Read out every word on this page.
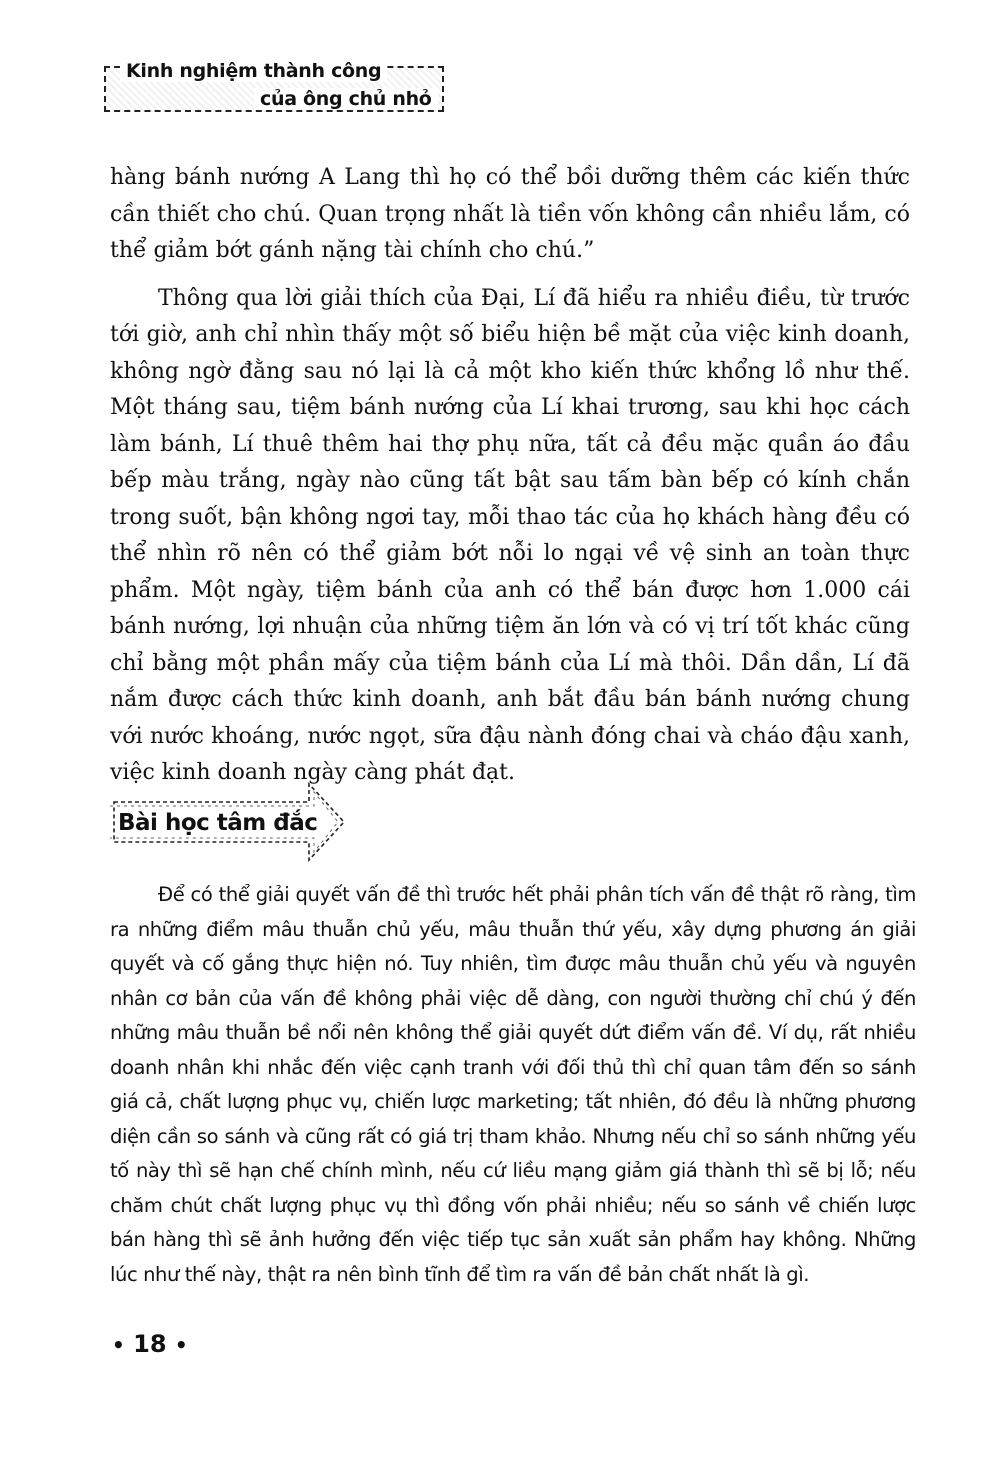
Kinh nghiệm thành công
của ông chủ nhỏ

hàng bánh nướng A Lang thì họ có thể bồi dưỡng thêm các kiến thức cần thiết cho chú. Quan trọng nhất là tiền vốn không cần nhiều lắm, có thể giảm bớt gánh nặng tài chính cho chú.”

Thông qua lời giải thích của Đại, Lí đã hiểu ra nhiều điều, từ trước tới giờ, anh chỉ nhìn thấy một số biểu hiện bề mặt của việc kinh doanh, không ngờ đằng sau nó lại là cả một kho kiến thức khổng lồ như thế. Một tháng sau, tiệm bánh nướng của Lí khai trương, sau khi học cách làm bánh, Lí thuê thêm hai thợ phụ nữa, tất cả đều mặc quần áo đầu bếp màu trắng, ngày nào cũng tất bật sau tấm bàn bếp có kính chắn trong suốt, bận không ngơi tay, mỗi thao tác của họ khách hàng đều có thể nhìn rõ nên có thể giảm bớt nỗi lo ngại về vệ sinh an toàn thực phẩm. Một ngày, tiệm bánh của anh có thể bán được hơn 1.000 cái bánh nướng, lợi nhuận của những tiệm ăn lớn và có vị trí tốt khác cũng chỉ bằng một phần mấy của tiệm bánh của Lí mà thôi. Dần dần, Lí đã nắm được cách thức kinh doanh, anh bắt đầu bán bánh nướng chung với nước khoáng, nước ngọt, sữa đậu nành đóng chai và cháo đậu xanh, việc kinh doanh ngày càng phát đạt.

Bài học tâm đắc

Để có thể giải quyết vấn đề thì trước hết phải phân tích vấn đề thật rõ ràng, tìm ra những điểm mâu thuẫn chủ yếu, mâu thuẫn thứ yếu, xây dựng phương án giải quyết và cố gắng thực hiện nó. Tuy nhiên, tìm được mâu thuẫn chủ yếu và nguyên nhân cơ bản của vấn đề không phải việc dễ dàng, con người thường chỉ chú ý đến những mâu thuẫn bề nổi nên không thể giải quyết dứt điểm vấn đề. Ví dụ, rất nhiều doanh nhân khi nhắc đến việc cạnh tranh với đối thủ thì chỉ quan tâm đến so sánh giá cả, chất lượng phục vụ, chiến lược marketing; tất nhiên, đó đều là những phương diện cần so sánh và cũng rất có giá trị tham khảo. Nhưng nếu chỉ so sánh những yếu tố này thì sẽ hạn chế chính mình, nếu cứ liều mạng giảm giá thành thì sẽ bị lỗ; nếu chăm chút chất lượng phục vụ thì đồng vốn phải nhiều; nếu so sánh về chiến lược bán hàng thì sẽ ảnh hưởng đến việc tiếp tục sản xuất sản phẩm hay không. Những lúc như thế này, thật ra nên bình tĩnh để tìm ra vấn đề bản chất nhất là gì.

• 18 •
